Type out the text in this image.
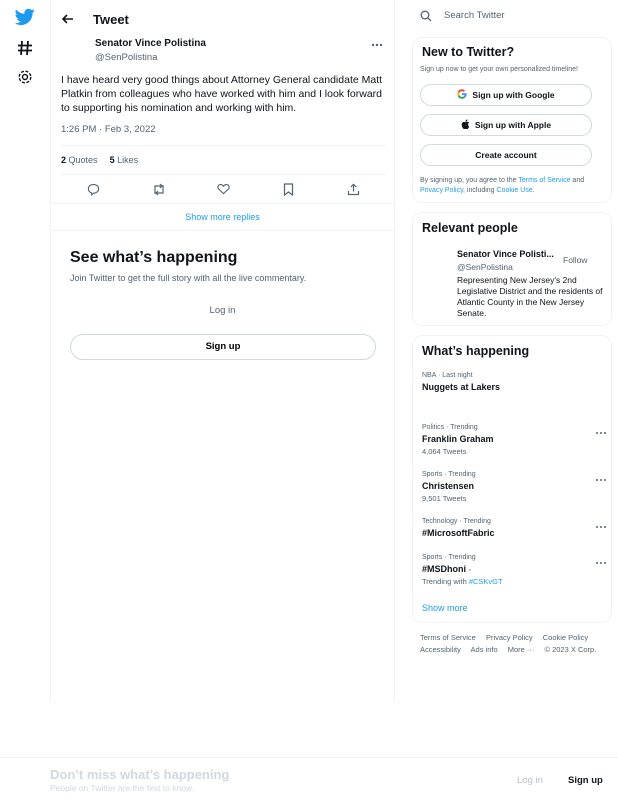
Tweet
Senator Vince Polistina
@SenPolistina

I have heard very good things about Attorney General candidate Matt Platkin from colleagues who have worked with him and I look forward to supporting his nomination and working with him.

1:26 PM · Feb 3, 2022
2 Quotes 5 Likes
Show more replies
See what’s happening
Join Twitter to get the full story with all the live commentary.
Log in
Sign up
Search Twitter
New to Twitter?
Sign up now to get your own personalized timeline!
Sign up with Google
Sign up with Apple
Create account

By signing up, you agree to the Terms of Service and Privacy Policy, including Cookie Use.

Relevant people
Senator Vince Polisti...
@SenPolistina
Follow

Representing New Jersey's 2nd Legislative District and the residents of Atlantic County in the New Jersey Senate.

What’s happening
NBA · Last night
Nuggets at Lakers
Politics · Trending
Franklin Graham
4,064 Tweets
Sports · Trending
Christensen
9,501 Tweets
Technology · Trending
#MicrosoftFabric
Sports · Trending
#MSDhoni ◦
Trending with #CSKvGT
Show more
Terms of Service Privacy Policy Cookie Policy
Accessibility Ads info More ··· © 2023 X Corp.
Don’t miss what’s happening
People on Twitter are the first to know.
Log in	Sign up
